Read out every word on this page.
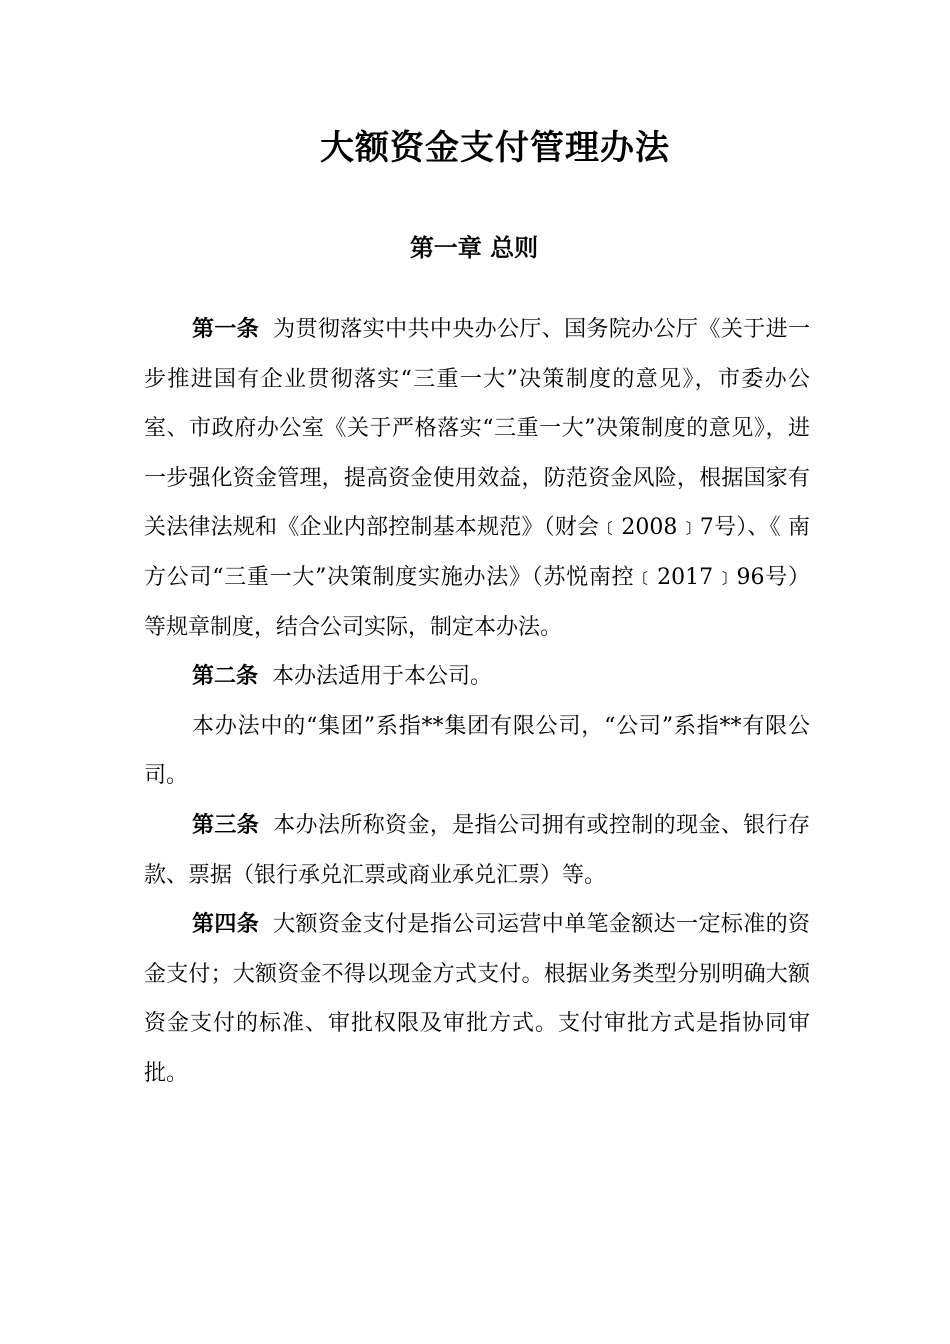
大额资金支付管理办法
第一章 总则

第一条 为贯彻落实中共中央办公厅、国务院办公厅《关于进一步推进国有企业贯彻落实“三重一大”决策制度的意见》，市委办公室、市政府办公室《关于严格落实“三重一大”决策制度的意见》，进一步强化资金管理，提高资金使用效益，防范资金风险，根据国家有关法律法规和《企业内部控制基本规范》（财会﹝2008﹞7号）、《 南方公司“三重一大”决策制度实施办法》（苏悦南控﹝2017﹞96号）等规章制度，结合公司实际，制定本办法。

第二条 本办法适用于本公司。

本办法中的“集团”系指**集团有限公司，“公司”系指**有限公司。

第三条 本办法所称资金，是指公司拥有或控制的现金、银行存款、票据（银行承兑汇票或商业承兑汇票）等。

第四条 大额资金支付是指公司运营中单笔金额达一定标准的资金支付；大额资金不得以现金方式支付。根据业务类型分别明确大额资金支付的标准、审批权限及审批方式。支付审批方式是指协同审批。
